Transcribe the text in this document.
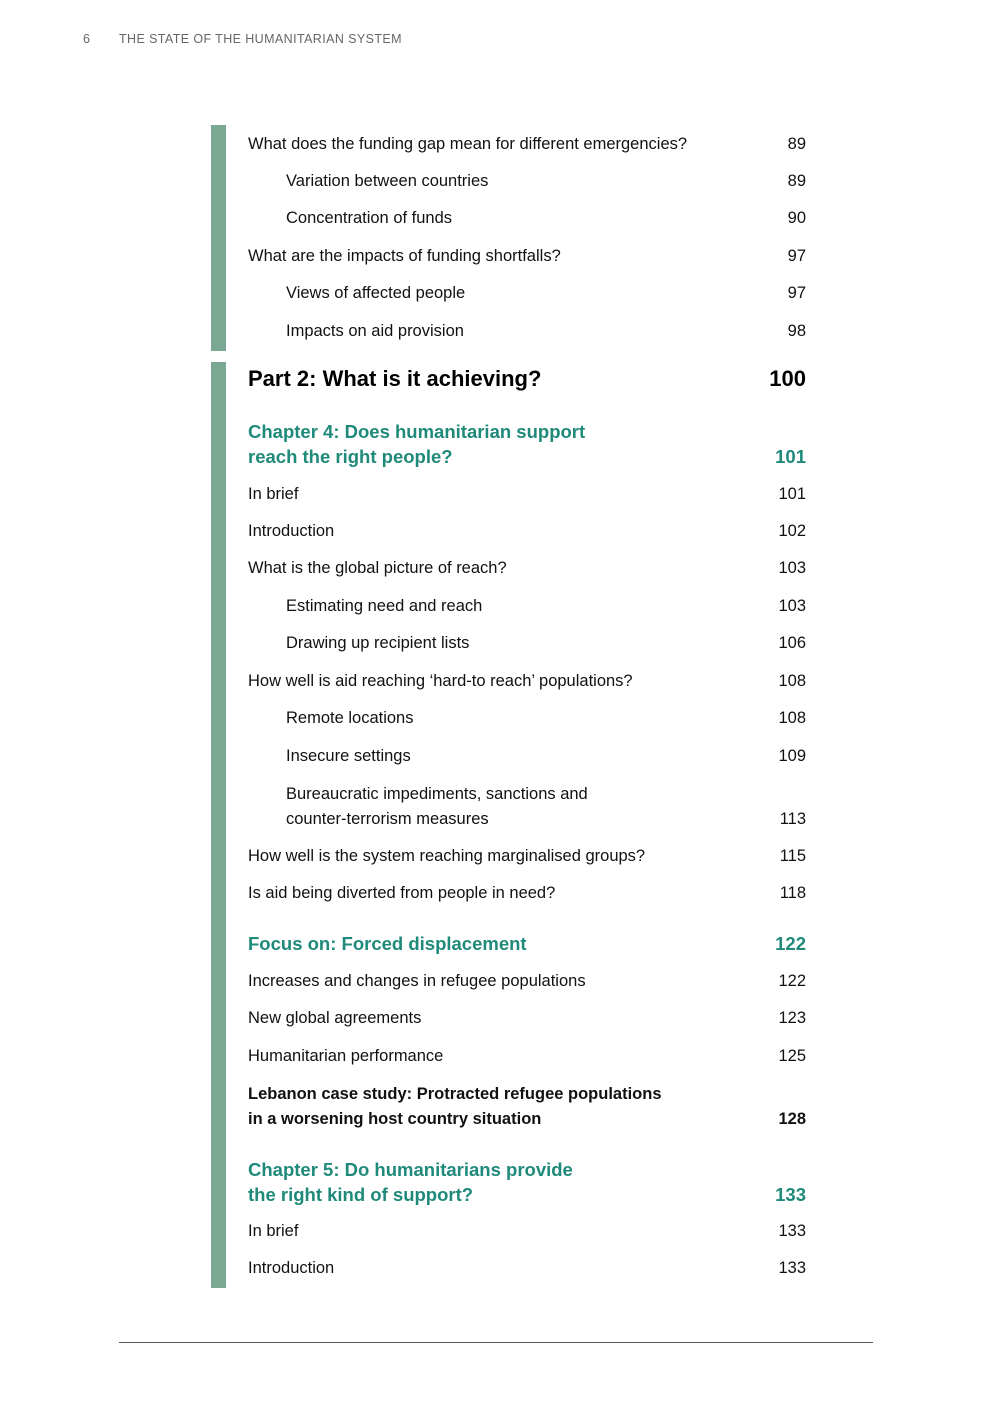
6 THE STATE OF THE HUMANITARIAN SYSTEM
What does the funding gap mean for different emergencies?	89
Variation between countries	89
Concentration of funds	90
What are the impacts of funding shortfalls?	97
Views of affected people	97
Impacts on aid provision	98
Part 2: What is it achieving?	100
Chapter 4: Does humanitarian support
reach the right people?	101
In brief	101
Introduction	102
What is the global picture of reach?	103
Estimating need and reach	103
Drawing up recipient lists	106
How well is aid reaching ‘hard-to reach’ populations?	108
Remote locations	108
Insecure settings	109
Bureaucratic impediments, sanctions and
counter-terrorism measures	113
How well is the system reaching marginalised groups?	115
Is aid being diverted from people in need?	118
Focus on: Forced displacement	122
Increases and changes in refugee populations	122
New global agreements	123
Humanitarian performance	125
Lebanon case study: Protracted refugee populations
in a worsening host country situation	128
Chapter 5: Do humanitarians provide
the right kind of support?	133
In brief	133
Introduction	133
